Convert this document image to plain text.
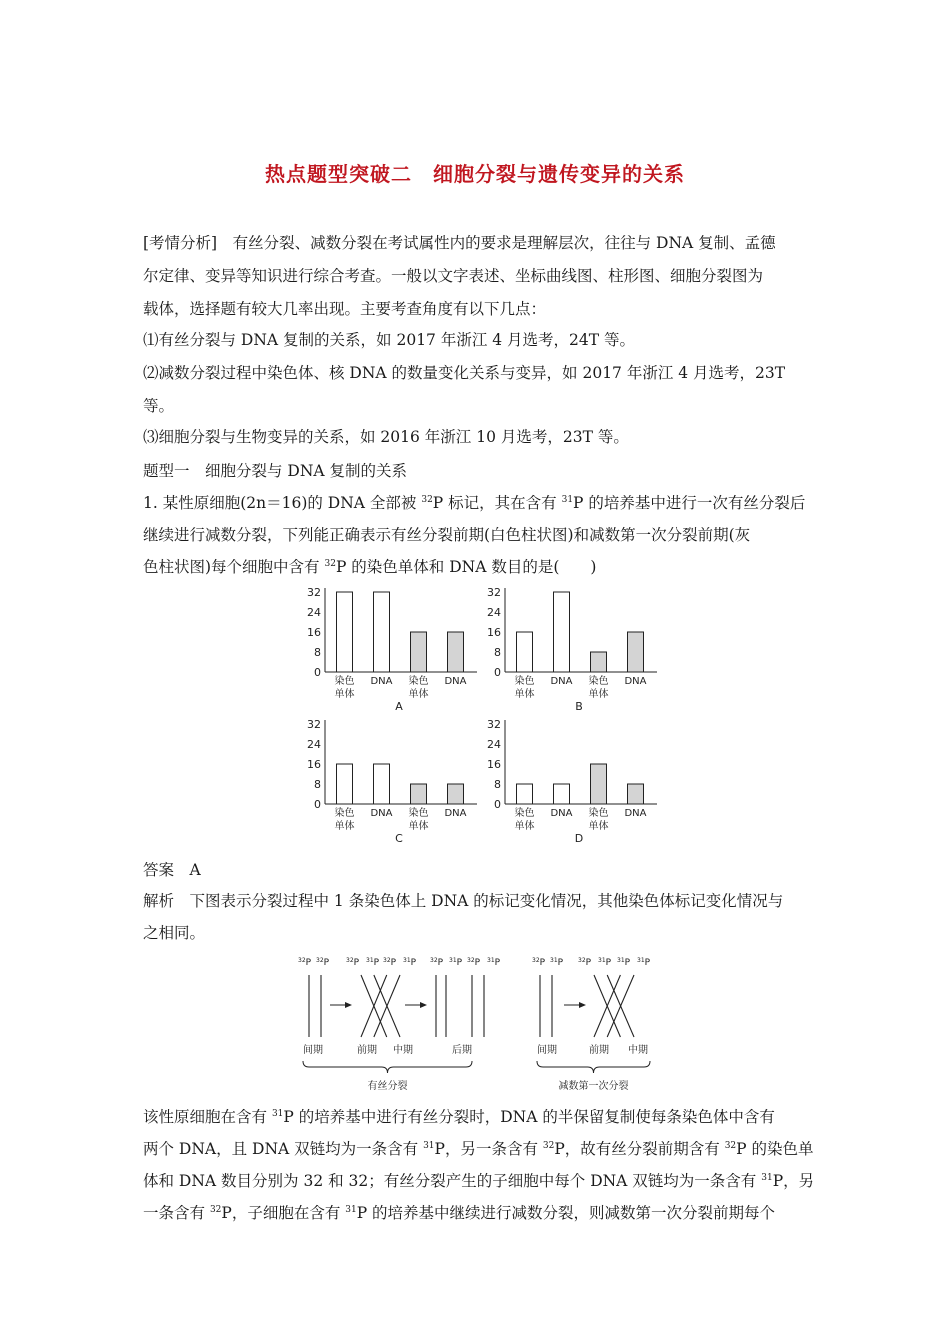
热点题型突破二　细胞分裂与遗传变异的关系
[考情分析]　 有丝分裂、减数分裂在考试属性内的要求是理解层次，往往与 DNA 复制、孟德
尔定律、变异等知识进行综合考查。一般以文字表述、坐标曲线图、柱形图、细胞分裂图为
载体，选择题有较大几率出现。主要考查角度有以下几点：
⑴有丝分裂与 DNA 复制的关系，如 2017 年浙江 4 月选考，24T 等。
⑵减数分裂过程中染色体、核 DNA 的数量变化关系与变异，如 2017 年浙江 4 月选考，23T
等。
⑶细胞分裂与生物变异的关系，如 2016 年浙江 10 月选考，23T 等。
题型一　细胞分裂与 DNA 复制的关系
1. 某性原细胞(2n＝16)的 DNA 全部被 $^{32}$P 标记，其在含有 $^{31}$P 的培养基中进行一次有丝分裂后
继续进行减数分裂，下列能正确表示有丝分裂前期(白色柱状图)和减数第一次分裂前期(灰
色柱状图)每个细胞中含有 $^{32}$P 的染色单体和 DNA 数目的是(　　)
0
8
16
24
32
染色
单体
DNA 染色
单体
DNA
A
0
8
16
24
32
染色
单体
DNA 染色
单体
DNA
B
0
8
16
24
32
染色
单体
DNA 染色
单体
DNA
C
0
8
16
24
32
染色
单体
DNA 染色
单体
DNA
D
答案　A
解析　下图表示分裂过程中 1 条染色体上 DNA 的标记变化情况，其他染色体标记变化情况与
之相同。
$^{32}$P $^{32}$P	$^{32}$P $^{31}$P $^{32}$P $^{31}$P $^{32}$P $^{31}$P $^{32}$P $^{31}$P	$^{32}$P $^{31}$P $^{32}$P $^{31}$P $^{31}$P $^{31}$P
间期	前期 中期	后期	间期	前期 中期
有丝分裂	减数第一次分裂
该性原细胞在含有 $^{31}$P 的培养基中进行有丝分裂时，DNA 的半保留复制使每条染色体中含有
两个 DNA，且 DNA 双链均为一条含有 $^{31}$P，另一条含有 $^{32}$P，故有丝分裂前期含有 $^{32}$P 的染色单
体和 DNA 数目分别为 32 和 32；有丝分裂产生的子细胞中每个 DNA 双链均为一条含有 $^{31}$P，另
一条含有 $^{32}$P，子细胞在含有 $^{31}$P 的培养基中继续进行减数分裂，则减数第一次分裂前期每个
